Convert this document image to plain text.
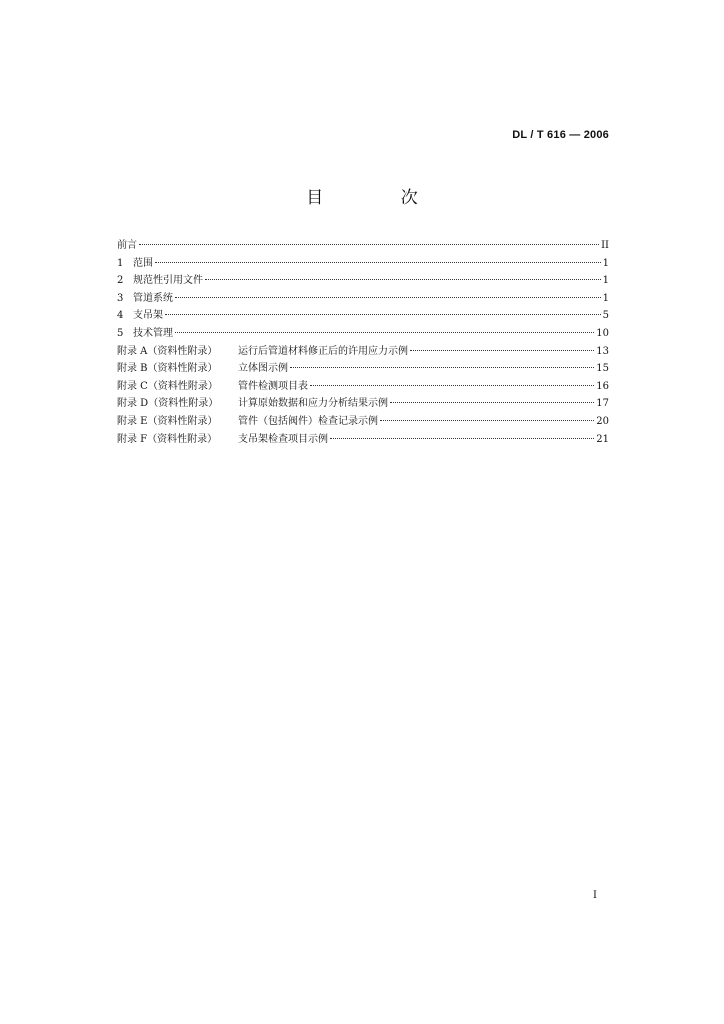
DL / T 616 — 2006
目 次
前言	II
1 范围	1
2 规范性引用文件	1
3 管道系统	1
4 支吊架	5
5 技术管理	10
附录 A（资料性附录）	运行后管道材料修正后的许用应力示例	13
附录 B（资料性附录）	立体图示例	15
附录 C（资料性附录）	管件检测项目表	16
附录 D（资料性附录）	计算原始数据和应力分析结果示例	17
附录 E（资料性附录）	管件（包括阀件）检查记录示例	20
附录 F（资料性附录）	支吊架检查项目示例	21
I
